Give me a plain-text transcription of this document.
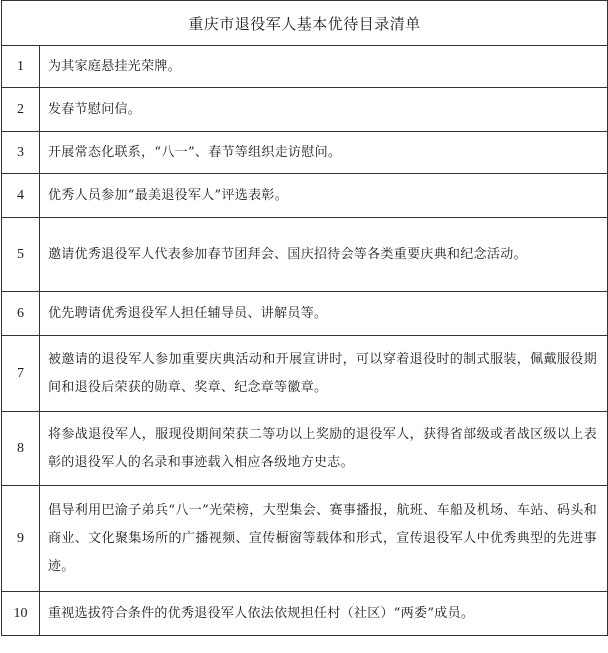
重庆市退役军人基本优待目录清单	
1	为其家庭悬挂光荣牌。
2	发春节慰问信。
3	开展常态化联系，“八一”、春节等组织走访慰问。
4	优秀人员参加“最美退役军人”评选表彰。
5	邀请优秀退役军人代表参加春节团拜会、国庆招待会等各类重要庆典和纪念活动。
6	优先聘请优秀退役军人担任辅导员、讲解员等。
7	被邀请的退役军人参加重要庆典活动和开展宣讲时，可以穿着退役时的制式服装，佩戴服役期间和退役后荣获的勋章、奖章、纪念章等徽章。
8	将参战退役军人，服现役期间荣获二等功以上奖励的退役军人，获得省部级或者战区级以上表彰的退役军人的名录和事迹载入相应各级地方史志。
9	倡导利用巴渝子弟兵“八一”光荣榜，大型集会、赛事播报，航班、车船及机场、车站、码头和商业、文化聚集场所的广播视频、宣传橱窗等载体和形式，宣传退役军人中优秀典型的先进事迹。
10	重视选拔符合条件的优秀退役军人依法依规担任村（社区）“两委”成员。
